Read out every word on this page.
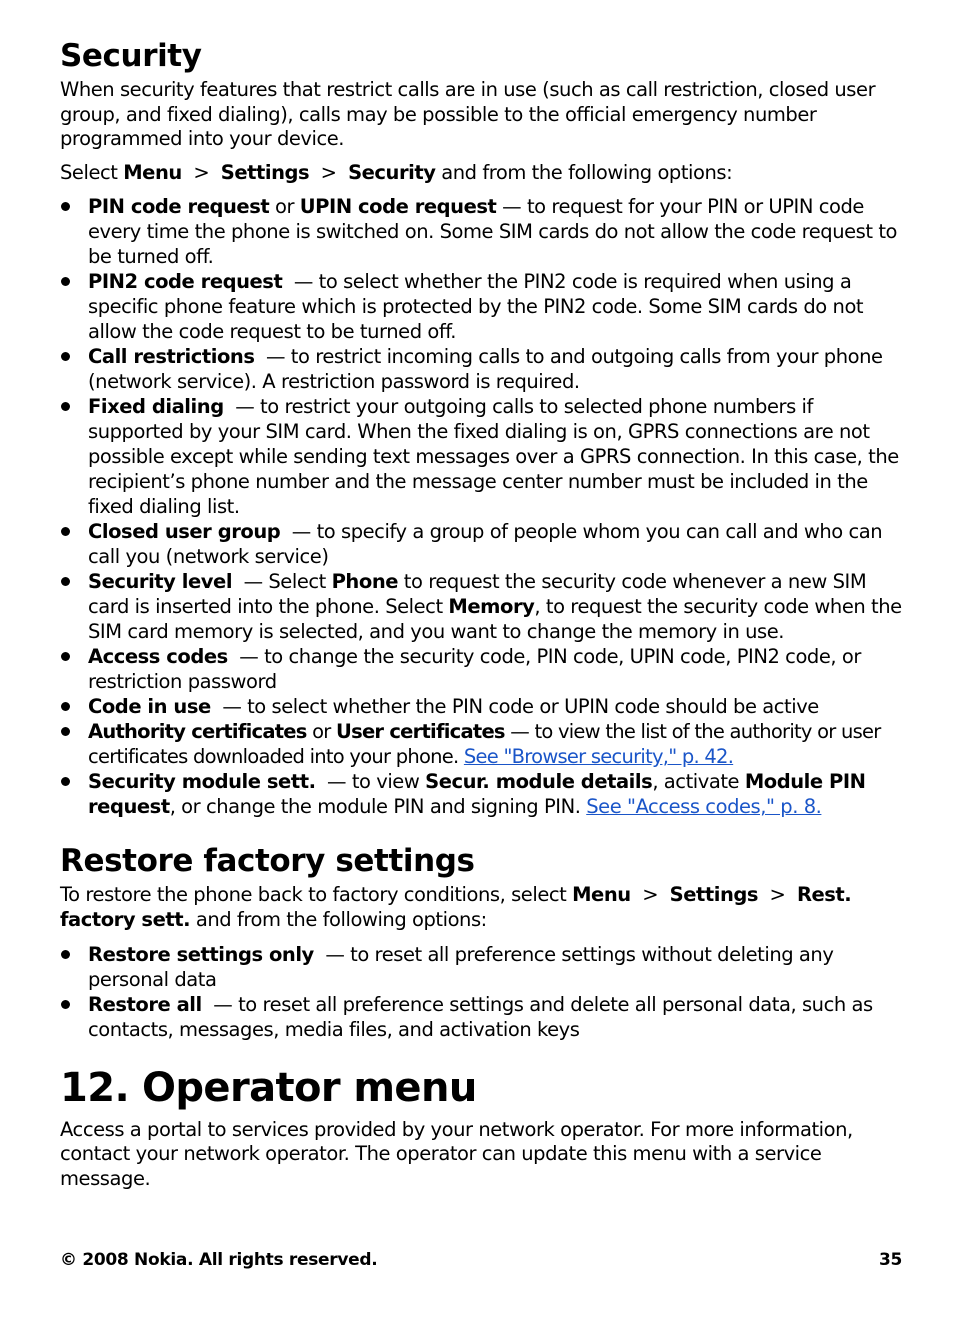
Security

When security features that restrict calls are in use (such as call restriction, closed user group, and fixed dialing), calls may be possible to the official emergency number programmed into your device.

Select Menu > Settings > Security and from the following options:

PIN code request or UPIN code request — to request for your PIN or UPIN code every time the phone is switched on. Some SIM cards do not allow the code request to be turned off.
PIN2 code request — to select whether the PIN2 code is required when using a specific phone feature which is protected by the PIN2 code. Some SIM cards do not allow the code request to be turned off.
Call restrictions — to restrict incoming calls to and outgoing calls from your phone (network service). A restriction password is required.
Fixed dialing — to restrict your outgoing calls to selected phone numbers if supported by your SIM card. When the fixed dialing is on, GPRS connections are not possible except while sending text messages over a GPRS connection. In this case, the recipient’s phone number and the message center number must be included in the fixed dialing list.
Closed user group — to specify a group of people whom you can call and who can call you (network service)
Security level — Select Phone to request the security code whenever a new SIM card is inserted into the phone. Select Memory, to request the security code when the SIM card memory is selected, and you want to change the memory in use.
Access codes — to change the security code, PIN code, UPIN code, PIN2 code, or restriction password
Code in use — to select whether the PIN code or UPIN code should be active
Authority certificates or User certificates — to view the list of the authority or user certificates downloaded into your phone. See "Browser security," p. 42.
Security module sett. — to view Secur. module details, activate Module PIN request, or change the module PIN and signing PIN. See "Access codes," p. 8.
Restore factory settings

To restore the phone back to factory conditions, select Menu > Settings > Rest. factory sett. and from the following options:

Restore settings only — to reset all preference settings without deleting any personal data
Restore all — to reset all preference settings and delete all personal data, such as contacts, messages, media files, and activation keys
12. Operator menu

Access a portal to services provided by your network operator. For more information, contact your network operator. The operator can update this menu with a service message.

© 2008 Nokia. All rights reserved.	35
